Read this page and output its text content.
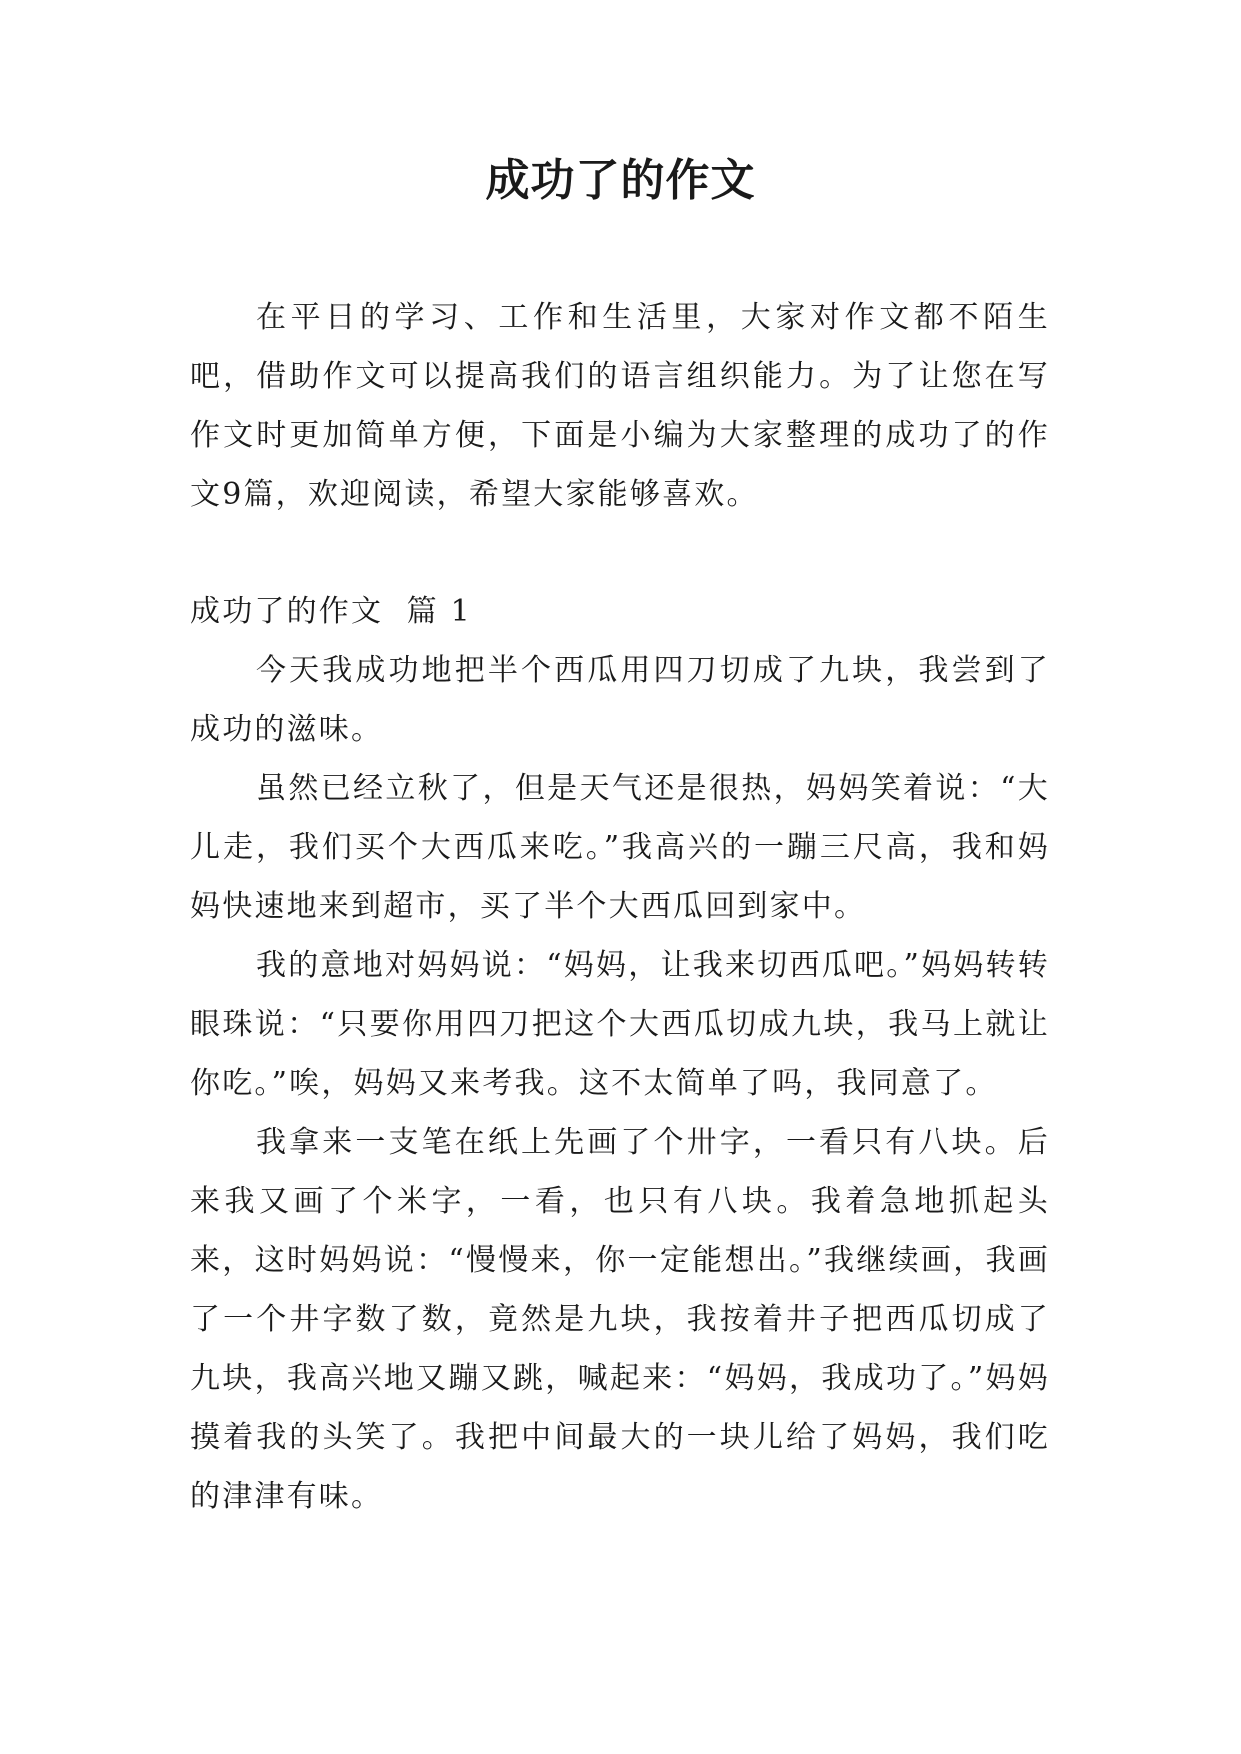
成功了的作文

在平日的学习、工作和生活里，大家对作文都不陌生吧，借助作文可以提高我们的语言组织能力。为了让您在写作文时更加简单方便，下面是小编为大家整理的成功了的作文9篇，欢迎阅读，希望大家能够喜欢。

成功了的作文  篇 1

今天我成功地把半个西瓜用四刀切成了九块，我尝到了成功的滋味。

虽然已经立秋了，但是天气还是很热，妈妈笑着说：“大儿走，我们买个大西瓜来吃。”我高兴的一蹦三尺高，我和妈妈快速地来到超市，买了半个大西瓜回到家中。

我的意地对妈妈说：“妈妈，让我来切西瓜吧。”妈妈转转眼珠说：“只要你用四刀把这个大西瓜切成九块，我马上就让你吃。”唉，妈妈又来考我。这不太简单了吗，我同意了。

我拿来一支笔在纸上先画了个卅字，一看只有八块。后来我又画了个米字，一看，也只有八块。我着急地抓起头来，这时妈妈说：“慢慢来，你一定能想出。”我继续画，我画了一个井字数了数，竟然是九块，我按着井子把西瓜切成了九块，我高兴地又蹦又跳，喊起来：“妈妈，我成功了。”妈妈摸着我的头笑了。我把中间最大的一块儿给了妈妈，我们吃的津津有味。
